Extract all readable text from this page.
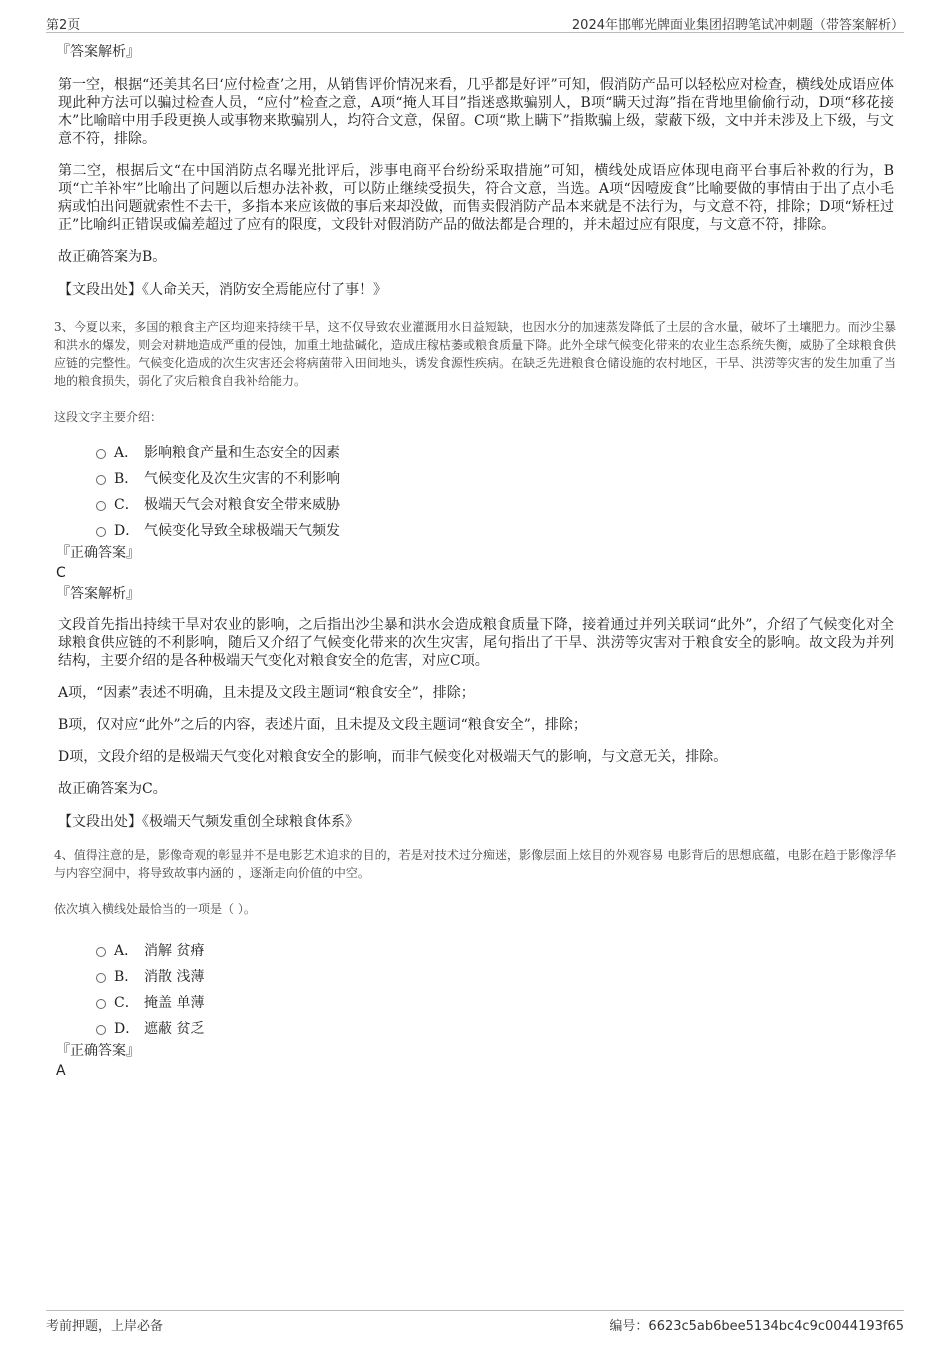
第2页	2024年邯郸光牌面业集团招聘笔试冲刺题（带答案解析）

『答案解析』

第一空，根据“还美其名曰‘应付检查’之用，从销售评价情况来看，几乎都是好评”可知，假消防产品可以轻松应对检查，横线处成语应体现此种方法可以骗过检查人员，“应付”检查之意，A项“掩人耳目”指迷惑欺骗别人，B项“瞒天过海”指在背地里偷偷行动，D项“移花接木”比喻暗中用手段更换人或事物来欺骗别人，均符合文意，保留。C项“欺上瞒下”指欺骗上级，蒙蔽下级，文中并未涉及上下级，与文意不符，排除。

第二空，根据后文“在中国消防点名曝光批评后，涉事电商平台纷纷采取措施”可知，横线处成语应体现电商平台事后补救的行为，B项“亡羊补牢”比喻出了问题以后想办法补救，可以防止继续受损失，符合文意，当选。A项“因噎废食”比喻要做的事情由于出了点小毛病或怕出问题就索性不去干，多指本来应该做的事后来却没做，而售卖假消防产品本来就是不法行为，与文意不符，排除；D项“矫枉过正”比喻纠正错误或偏差超过了应有的限度，文段针对假消防产品的做法都是合理的，并未超过应有限度，与文意不符，排除。

故正确答案为B。

【文段出处】《人命关天，消防安全焉能应付了事！》

3、今夏以来，多国的粮食主产区均迎来持续干旱，这不仅导致农业灌溉用水日益短缺，也因水分的加速蒸发降低了土层的含水量，破坏了土壤肥力。而沙尘暴和洪水的爆发，则会对耕地造成严重的侵蚀，加重土地盐碱化，造成庄稼枯萎或粮食质量下降。此外全球气候变化带来的农业生态系统失衡，威胁了全球粮食供应链的完整性。气候变化造成的次生灾害还会将病菌带入田间地头，诱发食源性疾病。在缺乏先进粮食仓储设施的农村地区，干旱、洪涝等灾害的发生加重了当地的粮食损失，弱化了灾后粮食自我补给能力。

这段文字主要介绍：

A． 影响粮食产量和生态安全的因素
B． 气候变化及次生灾害的不利影响
C． 极端天气会对粮食安全带来威胁
D． 气候变化导致全球极端天气频发

『正确答案』

C

『答案解析』

文段首先指出持续干旱对农业的影响，之后指出沙尘暴和洪水会造成粮食质量下降，接着通过并列关联词“此外”，介绍了气候变化对全球粮食供应链的不利影响，随后又介绍了气候变化带来的次生灾害，尾句指出了干旱、洪涝等灾害对于粮食安全的影响。故文段为并列结构，主要介绍的是各种极端天气变化对粮食安全的危害，对应C项。

A项，“因素”表述不明确，且未提及文段主题词“粮食安全”，排除；

B项，仅对应“此外”之后的内容，表述片面，且未提及文段主题词“粮食安全”，排除；

D项，文段介绍的是极端天气变化对粮食安全的影响，而非气候变化对极端天气的影响，与文意无关，排除。

故正确答案为C。

【文段出处】《极端天气频发重创全球粮食体系》

4、值得注意的是，影像奇观的彰显并不是电影艺术追求的目的，若是对技术过分痴迷，影像层面上炫目的外观容易 电影背后的思想底蕴，电影在趋于影像浮华与内容空洞中，将导致故事内涵的 ，逐渐走向价值的中空。

依次填入横线处最恰当的一项是（ ）。

A． 消解 贫瘠
B． 消散 浅薄
C． 掩盖 单薄
D． 遮蔽 贫乏

『正确答案』

A

考前押题，上岸必备	编号：6623c5ab6bee5134bc4c9c0044193f65
